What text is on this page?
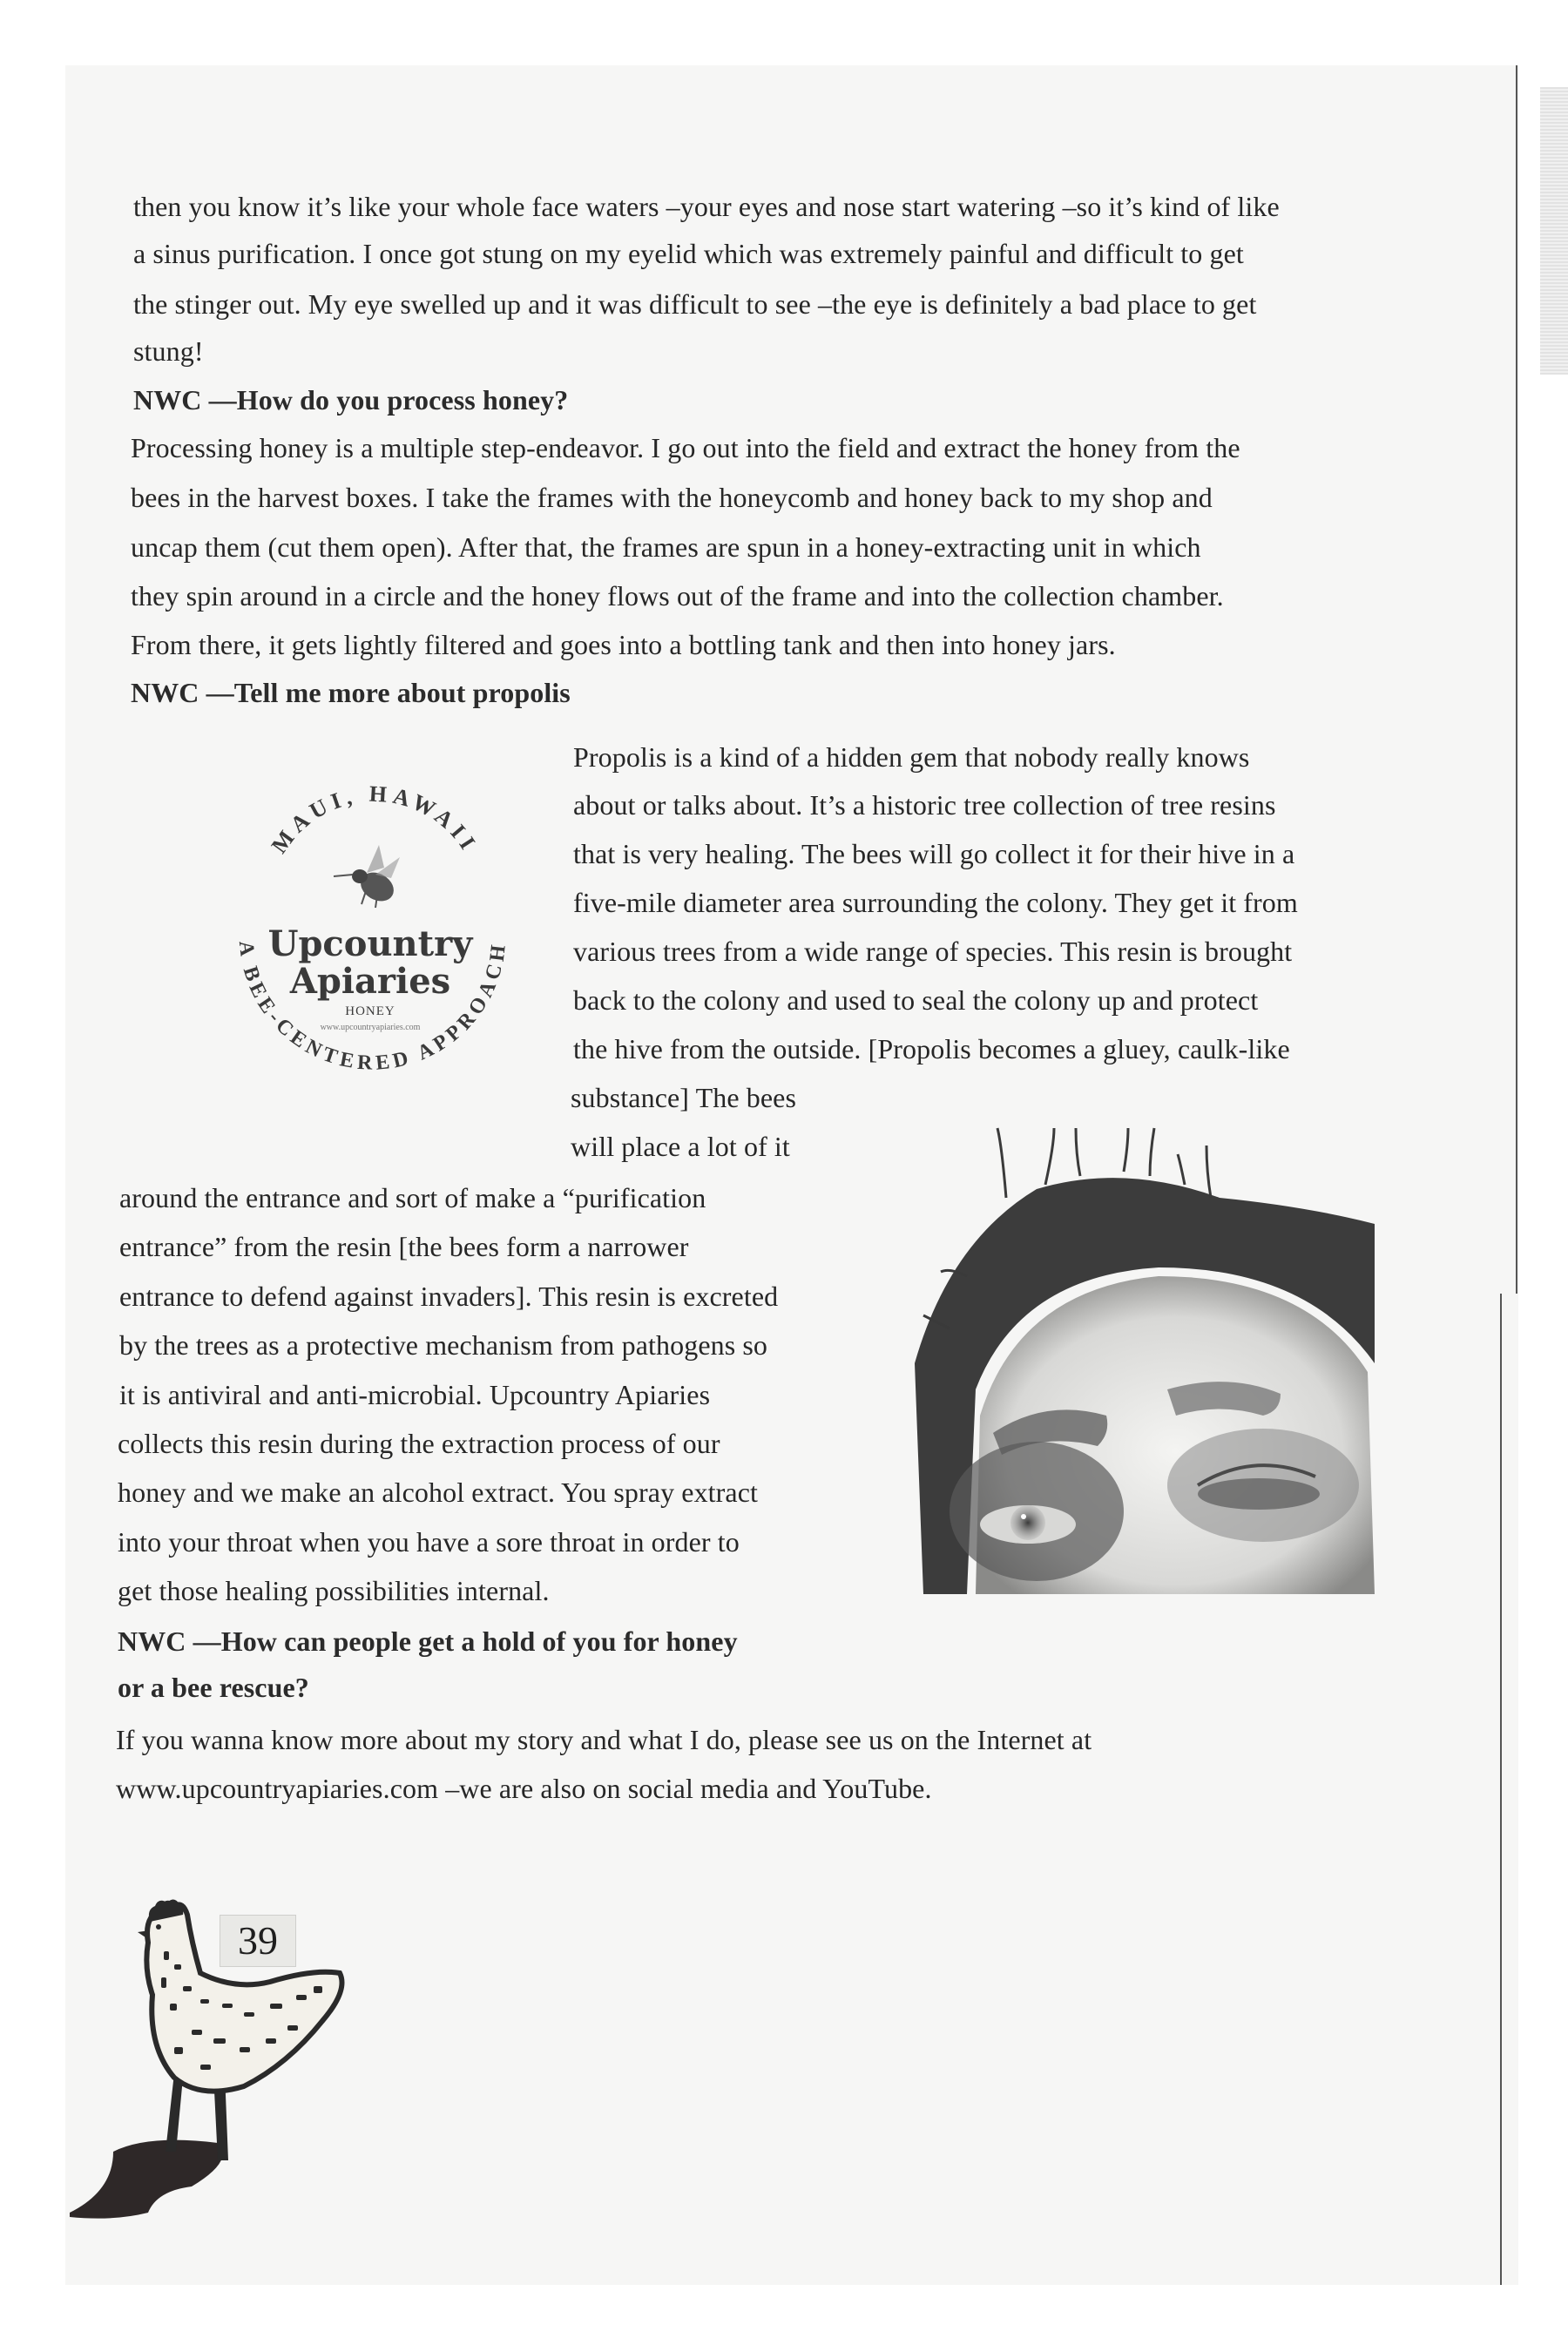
then you know it’s like your whole face waters –your eyes and nose start watering –so it’s kind of like
a sinus purification. I once got stung on my eyelid which was extremely painful and difficult to get
the stinger out. My eye swelled up and it was difficult to see –the eye is definitely a bad place to get
stung!
NWC —How do you process honey?
Processing honey is a multiple step-endeavor. I go out into the field and extract the honey from the
bees in the harvest boxes. I take the frames with the honeycomb and honey back to my shop and
uncap them (cut them open). After that, the frames are spun in a honey-extracting unit in which
they spin around in a circle and the honey flows out of the frame and into the collection chamber.
From there, it gets lightly filtered and goes into a bottling tank and then into honey jars.
NWC —Tell me more about propolis
MAUI, HAWAII
Upcountry
Apiaries
HONEY
www.upcountryapiaries.com
A BEE-CENTERED APPROACH
Propolis is a kind of a hidden gem that nobody really knows
about or talks about. It’s a historic tree collection of tree resins
that is very healing. The bees will go collect it for their hive in a
five-mile diameter area surrounding the colony. They get it from
various trees from a wide range of species. This resin is brought
back to the colony and used to seal the colony up and protect
the hive from the outside. [Propolis becomes a gluey, caulk-like
substance] The bees
will place a lot of it
around the entrance and sort of make a “purification
entrance” from the resin [the bees form a narrower
entrance to defend against invaders]. This resin is excreted
by the trees as a protective mechanism from pathogens so
it is antiviral and anti-microbial. Upcountry Apiaries
collects this resin during the extraction process of our
honey and we make an alcohol extract. You spray extract
into your throat when you have a sore throat in order to
get those healing possibilities internal.
NWC —How can people get a hold of you for honey
or a bee rescue?
If you wanna know more about my story and what I do, please see us on the Internet at
www.upcountryapiaries.com –we are also on social media and YouTube.
39
